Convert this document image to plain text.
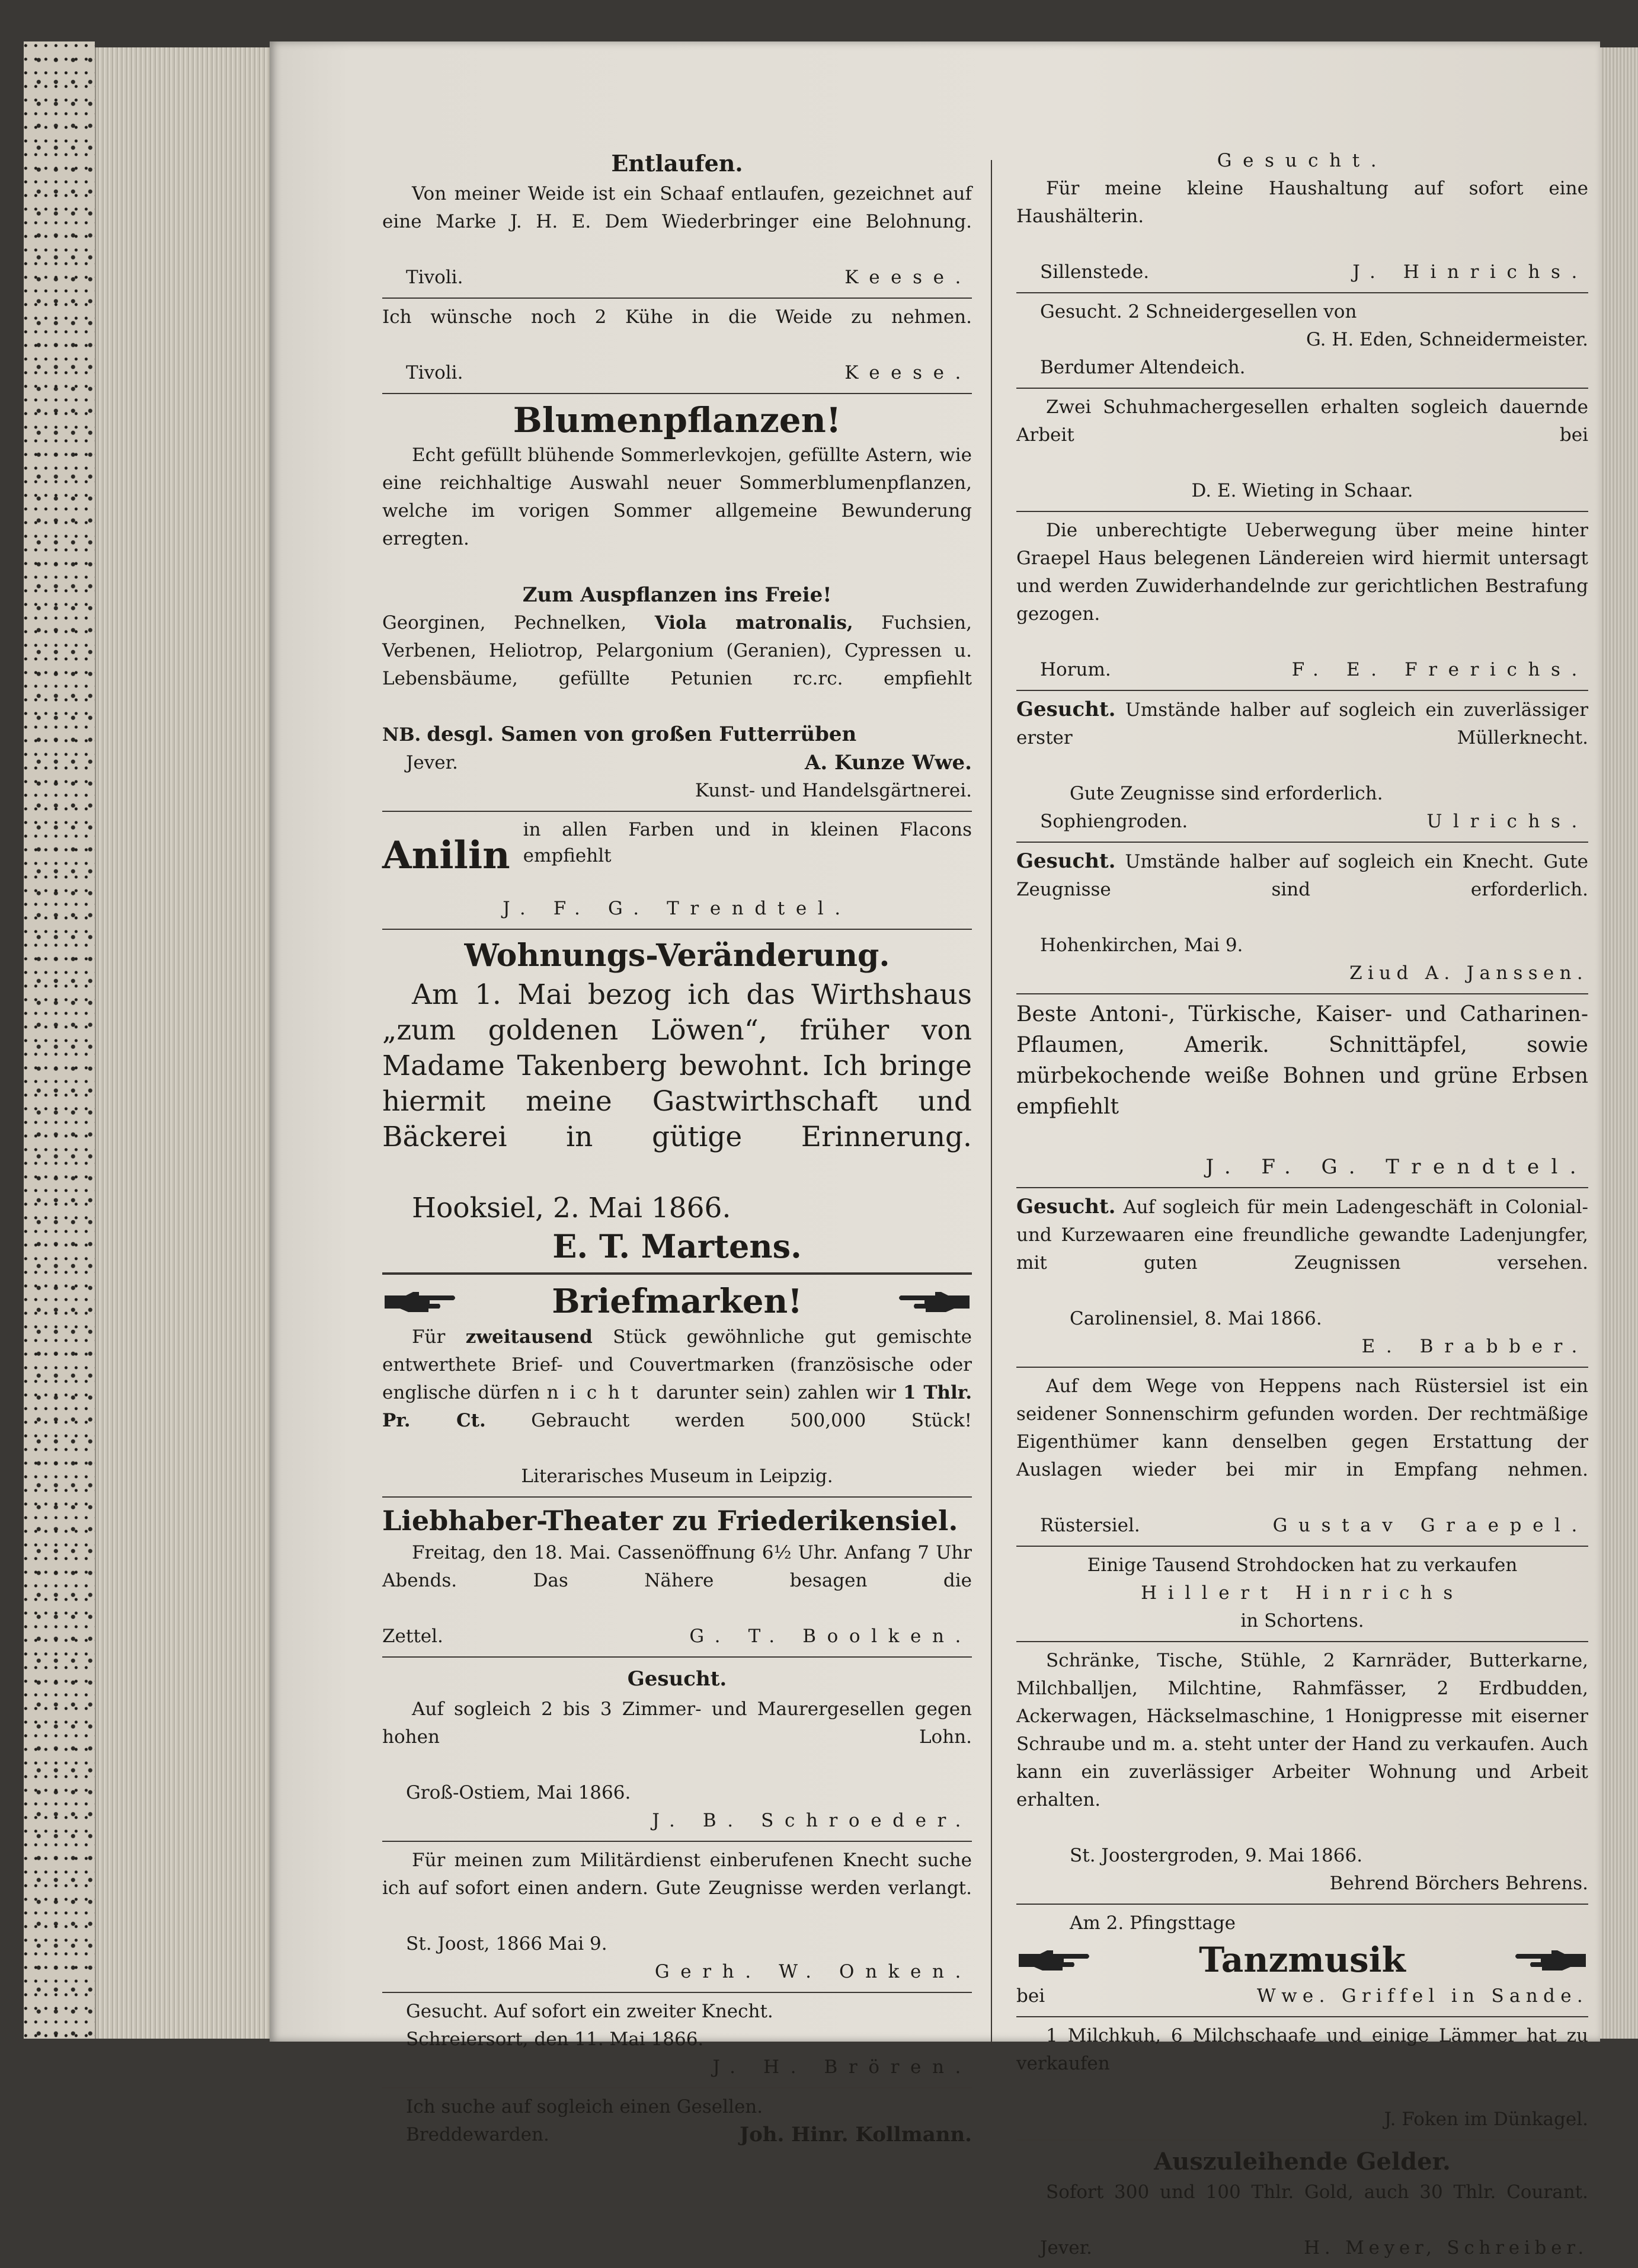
Entlaufen.
Von meiner Weide ist ein Schaaf entlaufen, gezeichnet auf eine Marke J. H. E. Dem Wiederbringer eine Belohnung.
Tivoli.	Keese.
Ich wünsche noch 2 Kühe in die Weide zu nehmen.
Tivoli.	Keese.
Blumenpflanzen!
Echt gefüllt blühende Sommerlevkojen, gefüllte Astern, wie eine reichhaltige Auswahl neuer Sommerblumenpflanzen, welche im vorigen Sommer allgemeine Bewunderung erregten.
Zum Auspflanzen ins Freie!
Georginen, Pechnelken, Viola matronalis, Fuchsien, Verbenen, Heliotrop, Pelargonium (Geranien), Cypressen u. Lebensbäume, gefüllte Petunien rc.rc. empfiehlt
NB. desgl. Samen von großen Futterrüben
Jever.	A. Kunze Wwe.
Kunst- und Handelsgärtnerei.
Anilin
in allen Farben und in kleinen Flacons empfiehlt
J. F. G. Trendtel.
Wohnungs-Veränderung.
Am 1. Mai bezog ich das Wirthshaus „zum goldenen Löwen“, früher von Madame Takenberg bewohnt. Ich bringe hiermit meine Gastwirthschaft und Bäckerei in gütige Erinnerung.
Hooksiel, 2. Mai 1866.
E. T. Martens.
Briefmarken!
Für zweitausend Stück gewöhnliche gut gemischte entwerthete Brief- und Couvertmarken (französische oder englische dürfen nicht darunter sein) zahlen wir 1 Thlr. Pr. Ct. Gebraucht werden 500,000 Stück!
Literarisches Museum in Leipzig.
Liebhaber-Theater zu Friederikensiel.
Freitag, den 18. Mai. Cassenöffnung 6½ Uhr. Anfang 7 Uhr Abends. Das Nähere besagen die
Zettel.	G. T. Boolken.
Gesucht.
Auf sogleich 2 bis 3 Zimmer- und Maurergesellen gegen hohen Lohn.
Groß-Ostiem, Mai 1866.
J. B. Schroeder.
Für meinen zum Militärdienst einberufenen Knecht suche ich auf sofort einen andern. Gute Zeugnisse werden verlangt.
St. Joost, 1866 Mai 9.
Gerh. W. Onken.
Gesucht. Auf sofort ein zweiter Knecht.
Schreiersort, den 11. Mai 1866.
J. H. Brören.
Ich suche auf sogleich einen Gesellen.
Breddewarden.	Joh. Hinr. Kollmann.
Gesucht.
Für meine kleine Haushaltung auf sofort eine Haushälterin.
Sillenstede.	J. Hinrichs.
Gesucht. 2 Schneidergesellen von
G. H. Eden, Schneidermeister.
Berdumer Altendeich.
Zwei Schuhmachergesellen erhalten sogleich dauernde Arbeit bei
D. E. Wieting in Schaar.
Die unberechtigte Ueberwegung über meine hinter Graepel Haus belegenen Ländereien wird hiermit untersagt und werden Zuwiderhandelnde zur gerichtlichen Bestrafung gezogen.
Horum.	F. E. Frerichs.
Gesucht. Umstände halber auf sogleich ein zuverlässiger erster Müllerknecht.
Gute Zeugnisse sind erforderlich.
Sophiengroden.	Ulrichs.
Gesucht. Umstände halber auf sogleich ein Knecht. Gute Zeugnisse sind erforderlich.
Hohenkirchen, Mai 9.
Ziud A. Janssen.
Beste Antoni-, Türkische, Kaiser- und Catharinen-Pflaumen, Amerik. Schnittäpfel, sowie mürbekochende weiße Bohnen und grüne Erbsen empfiehlt
J. F. G. Trendtel.
Gesucht. Auf sogleich für mein Ladengeschäft in Colonial- und Kurzewaaren eine freundliche gewandte Ladenjungfer, mit guten Zeugnissen versehen.
Carolinensiel, 8. Mai 1866.
E. Brabber.
Auf dem Wege von Heppens nach Rüstersiel ist ein seidener Sonnenschirm gefunden worden. Der rechtmäßige Eigenthümer kann denselben gegen Erstattung der Auslagen wieder bei mir in Empfang nehmen.
Rüstersiel.	Gustav Graepel.
Einige Tausend Strohdocken hat zu verkaufen
Hillert Hinrichs
in Schortens.
Schränke, Tische, Stühle, 2 Karnräder, Butterkarne, Milchballjen, Milchtine, Rahmfässer, 2 Erdbudden, Ackerwagen, Häckselmaschine, 1 Honigpresse mit eiserner Schraube und m. a. steht unter der Hand zu verkaufen. Auch kann ein zuverlässiger Arbeiter Wohnung und Arbeit erhalten.
St. Joostergroden, 9. Mai 1866.
Behrend Börchers Behrens.
Am 2. Pfingsttage
Tanzmusik
bei	Wwe. Griffel in Sande.
1 Milchkuh, 6 Milchschaafe und einige Lämmer hat zu verkaufen
J. Foken im Dünkagel.
Auszuleihende Gelder.
Sofort 300 und 100 Thlr. Gold, auch 30 Thlr. Courant.
Jever.	H. Meyer, Schreiber.
